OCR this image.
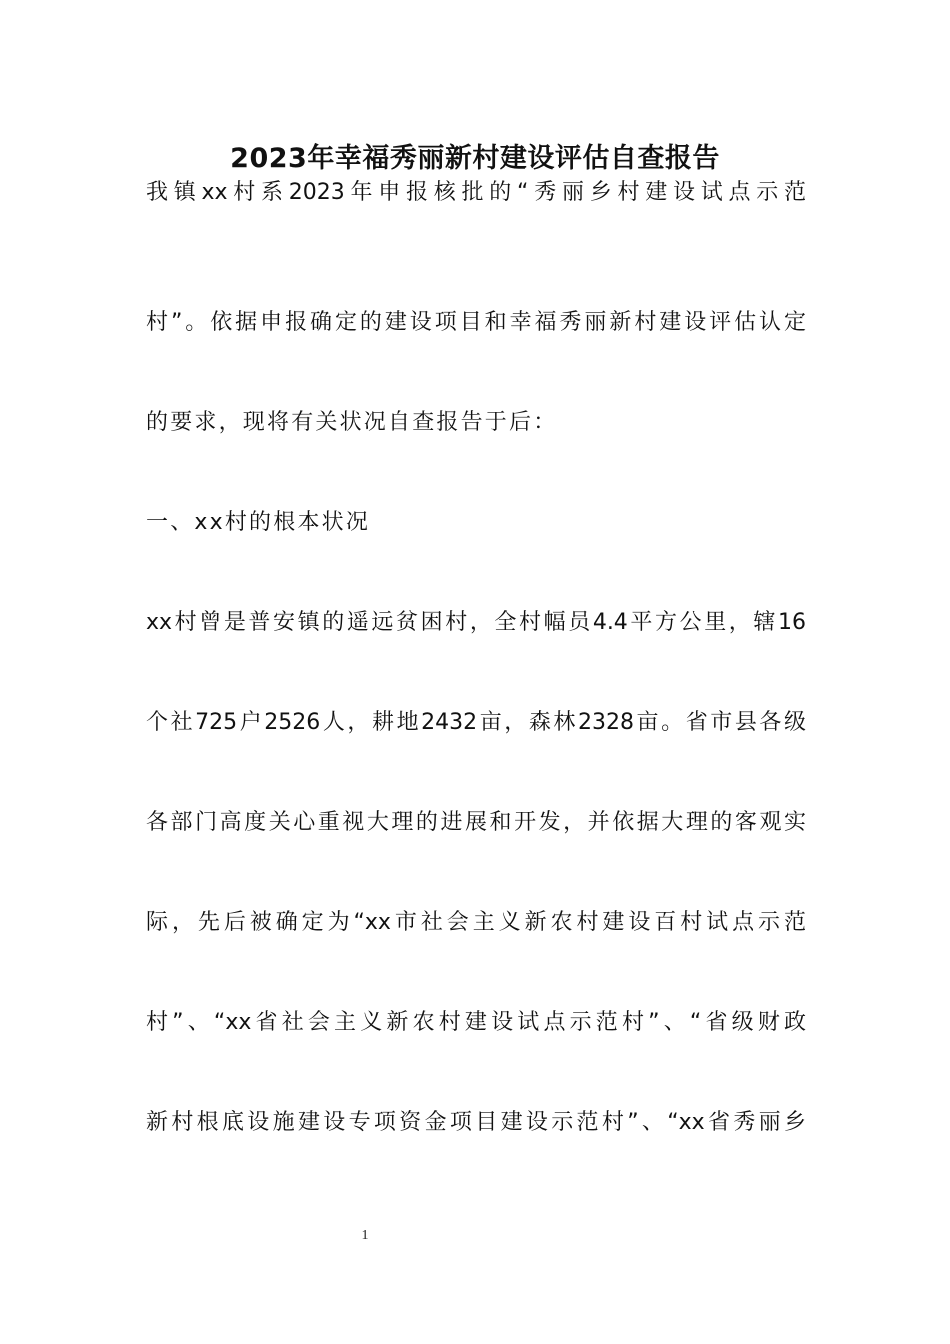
2023年幸福秀丽新村建设评估自查报告
我镇xx村系2023年申报核批的“秀丽乡村建设试点示范
村”。依据申报确定的建设项目和幸福秀丽新村建设评估认定
的要求，现将有关状况自查报告于后：
一、xx村的根本状况
xx村曾是普安镇的遥远贫困村，全村幅员4.4平方公里，辖16
个社725户2526人，耕地2432亩，森林2328亩。省市县各级
各部门高度关心重视大理的进展和开发，并依据大理的客观实
际，先后被确定为“xx市社会主义新农村建设百村试点示范
村”、“xx省社会主义新农村建设试点示范村”、“省级财政
新村根底设施建设专项资金项目建设示范村”、“xx省秀丽乡
1
